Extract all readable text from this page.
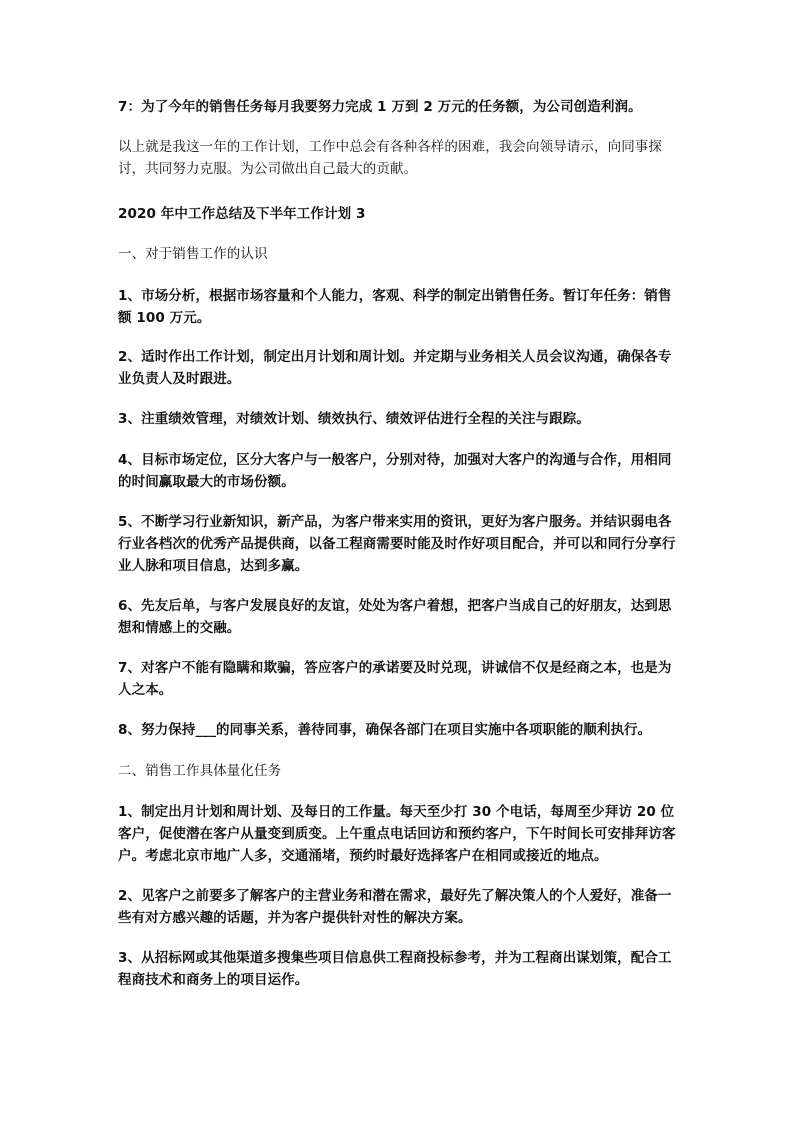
7：为了今年的销售任务每月我要努力完成 1 万到 2 万元的任务额，为公司创造利润。
以上就是我这一年的工作计划，工作中总会有各种各样的困难，我会向领导请示，向同事探讨，共同努力克服。为公司做出自己最大的贡献。
2020 年中工作总结及下半年工作计划 3
一、对于销售工作的认识
1、市场分析，根据市场容量和个人能力，客观、科学的制定出销售任务。暂订年任务：销售额 100 万元。
2、适时作出工作计划，制定出月计划和周计划。并定期与业务相关人员会议沟通，确保各专业负责人及时跟进。
3、注重绩效管理，对绩效计划、绩效执行、绩效评估进行全程的关注与跟踪。
4、目标市场定位，区分大客户与一般客户，分别对待，加强对大客户的沟通与合作，用相同的时间赢取最大的市场份额。
5、不断学习行业新知识，新产品，为客户带来实用的资讯，更好为客户服务。并结识弱电各行业各档次的优秀产品提供商，以备工程商需要时能及时作好项目配合，并可以和同行分享行业人脉和项目信息，达到多赢。
6、先友后单，与客户发展良好的友谊，处处为客户着想，把客户当成自己的好朋友，达到思想和情感上的交融。
7、对客户不能有隐瞒和欺骗，答应客户的承诺要及时兑现，讲诚信不仅是经商之本，也是为人之本。
8、努力保持___的同事关系，善待同事，确保各部门在项目实施中各项职能的顺利执行。
二、销售工作具体量化任务
1、制定出月计划和周计划、及每日的工作量。每天至少打 30 个电话，每周至少拜访 20 位客户，促使潜在客户从量变到质变。上午重点电话回访和预约客户，下午时间长可安排拜访客户。考虑北京市地广人多，交通涌堵，预约时最好选择客户在相同或接近的地点。
2、见客户之前要多了解客户的主营业务和潜在需求，最好先了解决策人的个人爱好，准备一些有对方感兴趣的话题，并为客户提供针对性的解决方案。
3、从招标网或其他渠道多搜集些项目信息供工程商投标参考，并为工程商出谋划策，配合工程商技术和商务上的项目运作。
